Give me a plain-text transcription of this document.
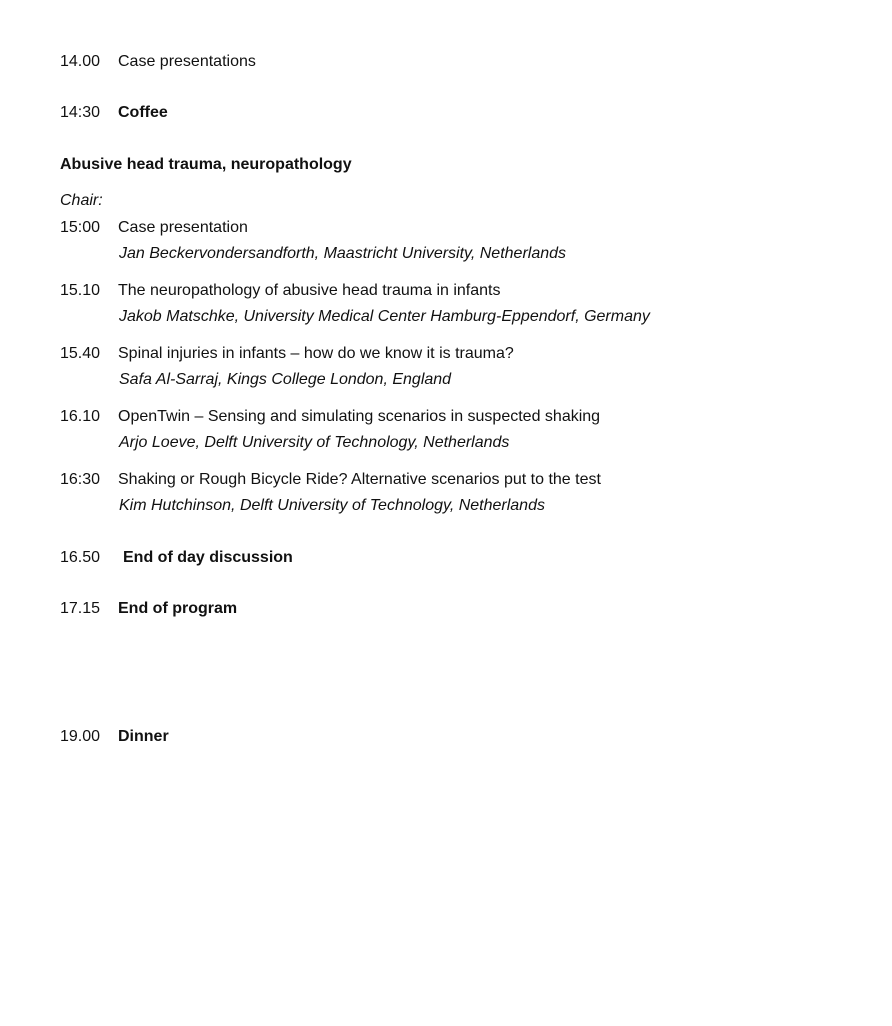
14.00 Case presentations
14:30 Coffee
Abusive head trauma, neuropathology
Chair:
15:00 Case presentation
Jan Beckervondersandforth, Maastricht University, Netherlands
15.10 The neuropathology of abusive head trauma in infants
Jakob Matschke, University Medical Center Hamburg-Eppendorf, Germany
15.40 Spinal injuries in infants – how do we know it is trauma?
Safa Al-Sarraj, Kings College London, England
16.10 OpenTwin – Sensing and simulating scenarios in suspected shaking
Arjo Loeve, Delft University of Technology, Netherlands
16:30 Shaking or Rough Bicycle Ride? Alternative scenarios put to the test
Kim Hutchinson, Delft University of Technology, Netherlands
16.50 End of day discussion
17.15 End of program
19.00 Dinner
